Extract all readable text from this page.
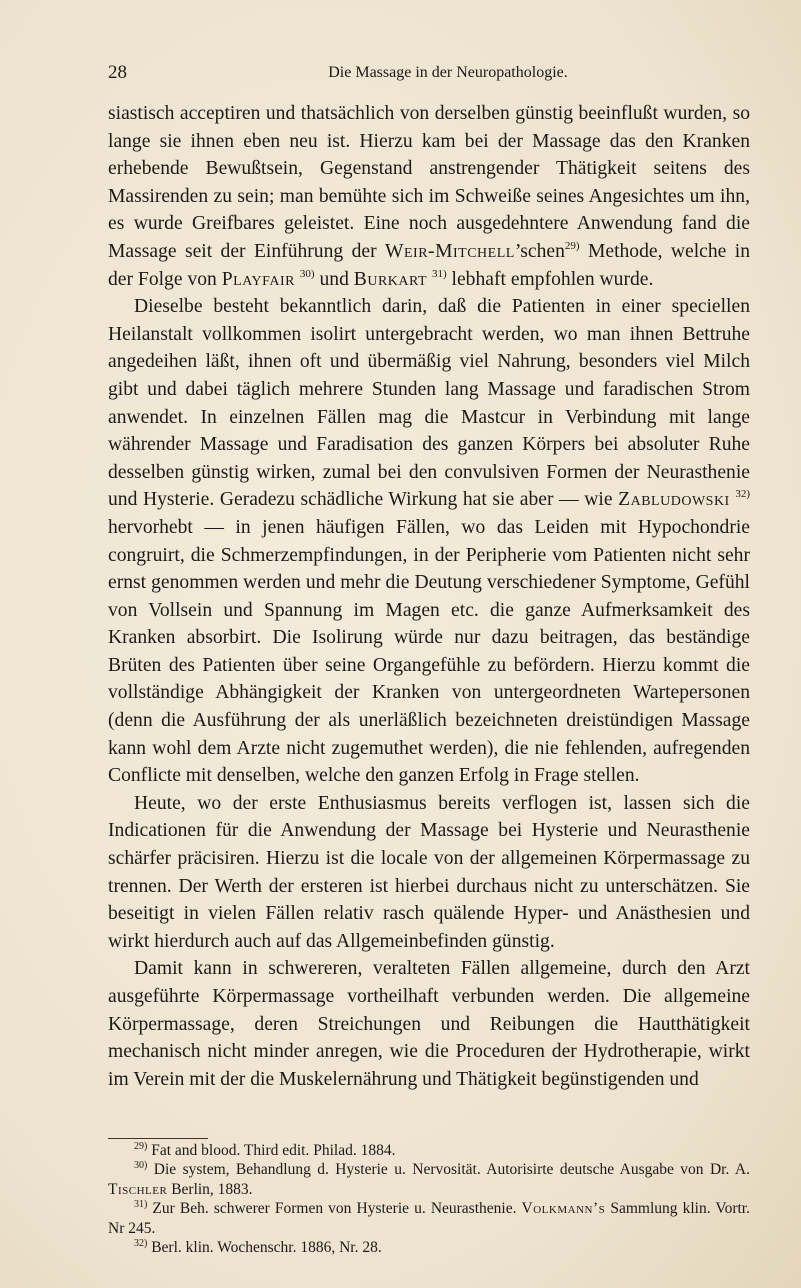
28	Die Massage in der Neuropathologie.

siastisch acceptiren und thatsächlich von derselben günstig beeinflußt wurden, so lange sie ihnen eben neu ist. Hierzu kam bei der Massage das den Kranken erhebende Bewußtsein, Gegenstand anstrengender Thätigkeit seitens des Massirenden zu sein; man bemühte sich im Schweiße seines Angesichtes um ihn, es wurde Greifbares geleistet. Eine noch ausgedehntere Anwendung fand die Massage seit der Einführung der Weir-Mitchell’schen$^{29)}$ Methode, welche in der Folge von Playfair $^{30)}$ und Burkart $^{31)}$ lebhaft empfohlen wurde.

Dieselbe besteht bekanntlich darin, daß die Patienten in einer speciellen Heilanstalt vollkommen isolirt untergebracht werden, wo man ihnen Bettruhe angedeihen läßt, ihnen oft und übermäßig viel Nahrung, besonders viel Milch gibt und dabei täglich mehrere Stunden lang Massage und faradischen Strom anwendet. In einzelnen Fällen mag die Mastcur in Verbindung mit lange währender Massage und Faradisation des ganzen Körpers bei absoluter Ruhe desselben günstig wirken, zumal bei den convulsiven Formen der Neurasthenie und Hysterie. Geradezu schädliche Wirkung hat sie aber — wie Zabludowski $^{32)}$ hervorhebt — in jenen häufigen Fällen, wo das Leiden mit Hypochondrie congruirt, die Schmerzempfindungen, in der Peripherie vom Patienten nicht sehr ernst genommen werden und mehr die Deutung verschiedener Symptome, Gefühl von Vollsein und Spannung im Magen etc. die ganze Aufmerksamkeit des Kranken absorbirt. Die Isolirung würde nur dazu beitragen, das beständige Brüten des Patienten über seine Organgefühle zu befördern. Hierzu kommt die vollständige Abhängigkeit der Kranken von untergeordneten Wartepersonen (denn die Ausführung der als unerläßlich bezeichneten dreistündigen Massage kann wohl dem Arzte nicht zugemuthet werden), die nie fehlenden, aufregenden Conflicte mit denselben, welche den ganzen Erfolg in Frage stellen.

Heute, wo der erste Enthusiasmus bereits verflogen ist, lassen sich die Indicationen für die Anwendung der Massage bei Hysterie und Neurasthenie schärfer präcisiren. Hierzu ist die locale von der allgemeinen Körpermassage zu trennen. Der Werth der ersteren ist hierbei durchaus nicht zu unterschätzen. Sie beseitigt in vielen Fällen relativ rasch quälende Hyper- und Anästhesien und wirkt hierdurch auch auf das Allgemeinbefinden günstig.

Damit kann in schwereren, veralteten Fällen allgemeine, durch den Arzt ausgeführte Körpermassage vortheilhaft verbunden werden. Die allgemeine Körpermassage, deren Streichungen und Reibungen die Hautthätigkeit mechanisch nicht minder anregen, wie die Proceduren der Hydrotherapie, wirkt im Verein mit der die Muskelernährung und Thätigkeit begünstigenden und

$^{29)}$ Fat and blood. Third edit. Philad. 1884.

$^{30)}$ Die system, Behandlung d. Hysterie u. Nervosität. Autorisirte deutsche Ausgabe von Dr. A. Tischler Berlin, 1883.

$^{31)}$ Zur Beh. schwerer Formen von Hysterie u. Neurasthenie. Volkmann’s Sammlung klin. Vortr. Nr 245.

$^{32)}$ Berl. klin. Wochenschr. 1886, Nr. 28.
